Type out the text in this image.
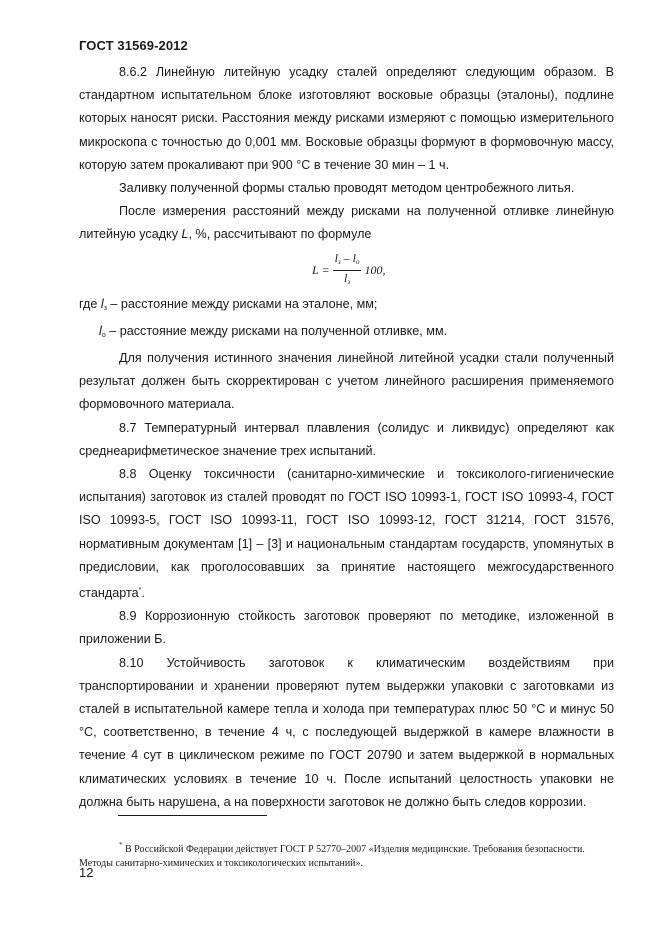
ГОСТ 31569-2012

8.6.2 Линейную литейную усадку сталей определяют следующим образом. В стандартном испытательном блоке изготовляют восковые образцы (эталоны), подлине которых наносят риски. Расстояния между рисками измеряют с помощью измерительного микроскопа с точностью до 0,001 мм. Восковые образцы формуют в формовочную массу, которую затем прокаливают при 900 °С в течение 30 мин – 1 ч.

Заливку полученной формы сталью проводят методом центробежного литья.

После измерения расстояний между рисками на полученной отливке линейную литейную усадку L, %, рассчитывают по формуле

$L = \frac{l_з - l_о}{l_з} 100$,

где $l_з$ – расстояние между рисками на эталоне, мм;

$l_о$ – расстояние между рисками на полученной отливке, мм.

Для получения истинного значения линейной литейной усадки стали полученный результат должен быть скорректирован с учетом линейного расширения применяемого формовочного материала.

8.7 Температурный интервал плавления (солидус и ликвидус) определяют как среднеарифметическое значение трех испытаний.

8.8 Оценку токсичности (санитарно-химические и токсиколого-гигиенические испытания) заготовок из сталей проводят по ГОСТ ISO 10993-1, ГОСТ ISO 10993-4, ГОСТ ISO 10993-5, ГОСТ ISO 10993-11, ГОСТ ISO 10993-12, ГОСТ 31214, ГОСТ 31576, нормативным документам [1] – [3] и национальным стандартам государств, упомянутых в предисловии, как проголосовавших за принятие настоящего межгосударственного стандарта*.

8.9 Коррозионную стойкость заготовок проверяют по методике, изложенной в приложении Б.

8.10 Устойчивость заготовок к климатическим воздействиям при транспортировании и хранении проверяют путем выдержки упаковки с заготовками из сталей в испытательной камере тепла и холода при температурах плюс 50 °С и минус 50 °С, соответственно, в течение 4 ч, с последующей выдержкой в камере влажности в течение 4 сут в циклическом режиме по ГОСТ 20790 и затем выдержкой в нормальных климатических условиях в течение 10 ч. После испытаний целостность упаковки не должна быть нарушена, а на поверхности заготовок не должно быть следов коррозии.

* В Российской Федерации действует ГОСТ Р 52770–2007 «Изделия медицинские. Требования безопасности. Методы санитарно-химических и токсикологических испытаний».
12
